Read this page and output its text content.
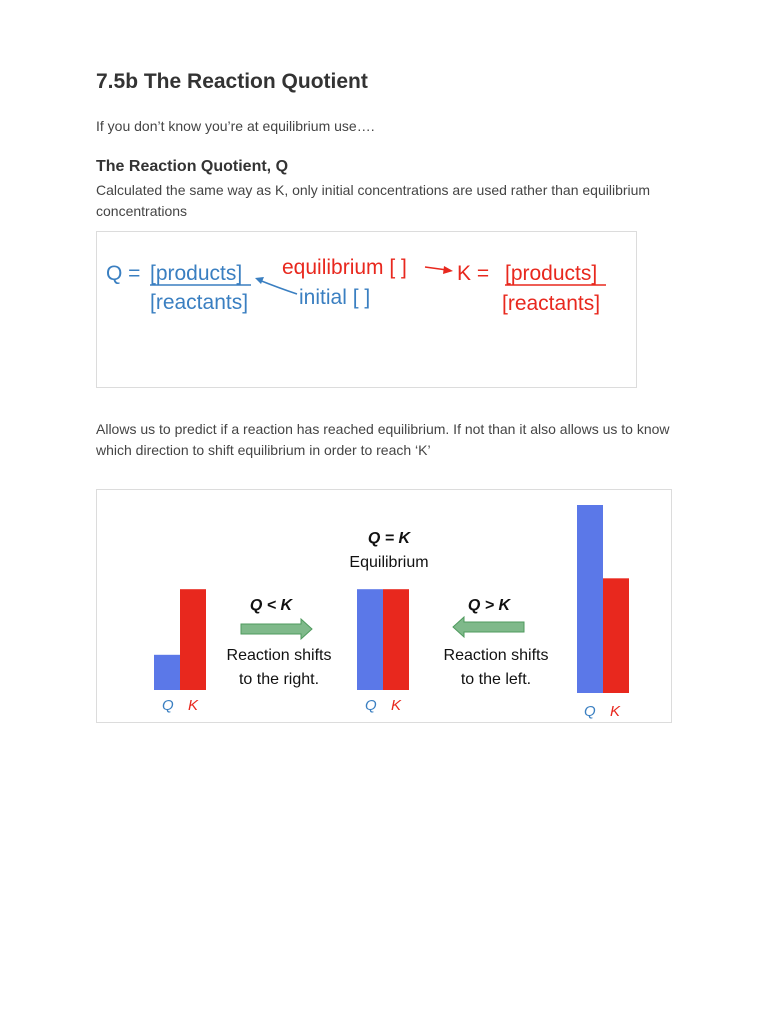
7.5b The Reaction Quotient

If you don’t know you’re at equilibrium use….

The Reaction Quotient, Q

Calculated the same way as K, only initial concentrations are used rather than equilibrium concentrations

Q = [products]
[reactants]
equilibrium [ ]
initial [ ]
K = [products]
[reactants]

Allows us to predict if a reaction has reached equilibrium. If not than it also allows us to know which direction to shift equilibrium in order to reach ‘K’

Q K
Q < K
Reaction shifts
to the right.
Q = K
Equilibrium
Q K
Q > K
Reaction shifts
to the left.
Q K
